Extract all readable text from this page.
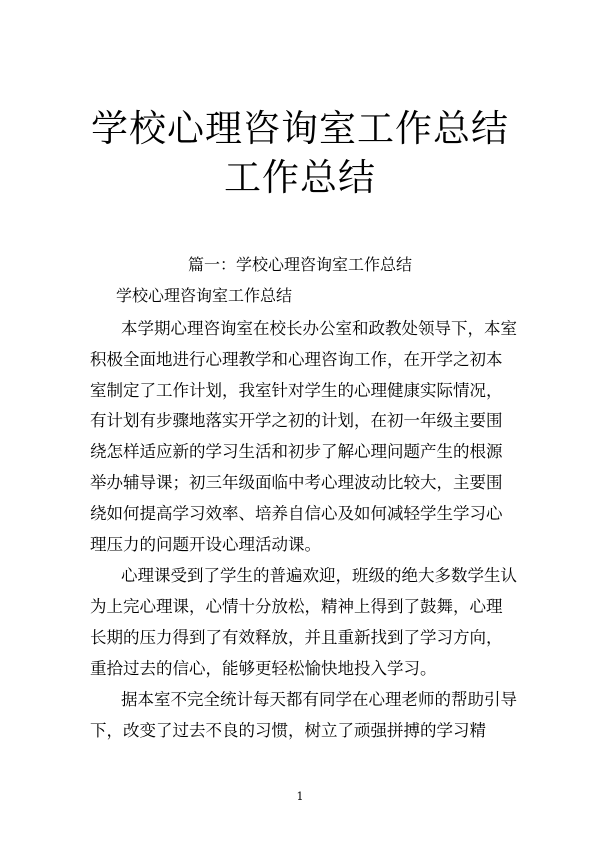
学校心理咨询室工作总结
工作总结
篇一：学校心理咨询室工作总结
学校心理咨询室工作总结
本学期心理咨询室在校长办公室和政教处领导下，本室
积极全面地进行心理教学和心理咨询工作，在开学之初本
室制定了工作计划，我室针对学生的心理健康实际情况，
有计划有步骤地落实开学之初的计划，在初一年级主要围
绕怎样适应新的学习生活和初步了解心理问题产生的根源
举办辅导课；初三年级面临中考心理波动比较大，主要围
绕如何提高学习效率、培养自信心及如何减轻学生学习心
理压力的问题开设心理活动课。
心理课受到了学生的普遍欢迎，班级的绝大多数学生认
为上完心理课，心情十分放松，精神上得到了鼓舞，心理
长期的压力得到了有效释放，并且重新找到了学习方向，
重拾过去的信心，能够更轻松愉快地投入学习。
据本室不完全统计每天都有同学在心理老师的帮助引导
下，改变了过去不良的习惯，树立了顽强拼搏的学习精
1
